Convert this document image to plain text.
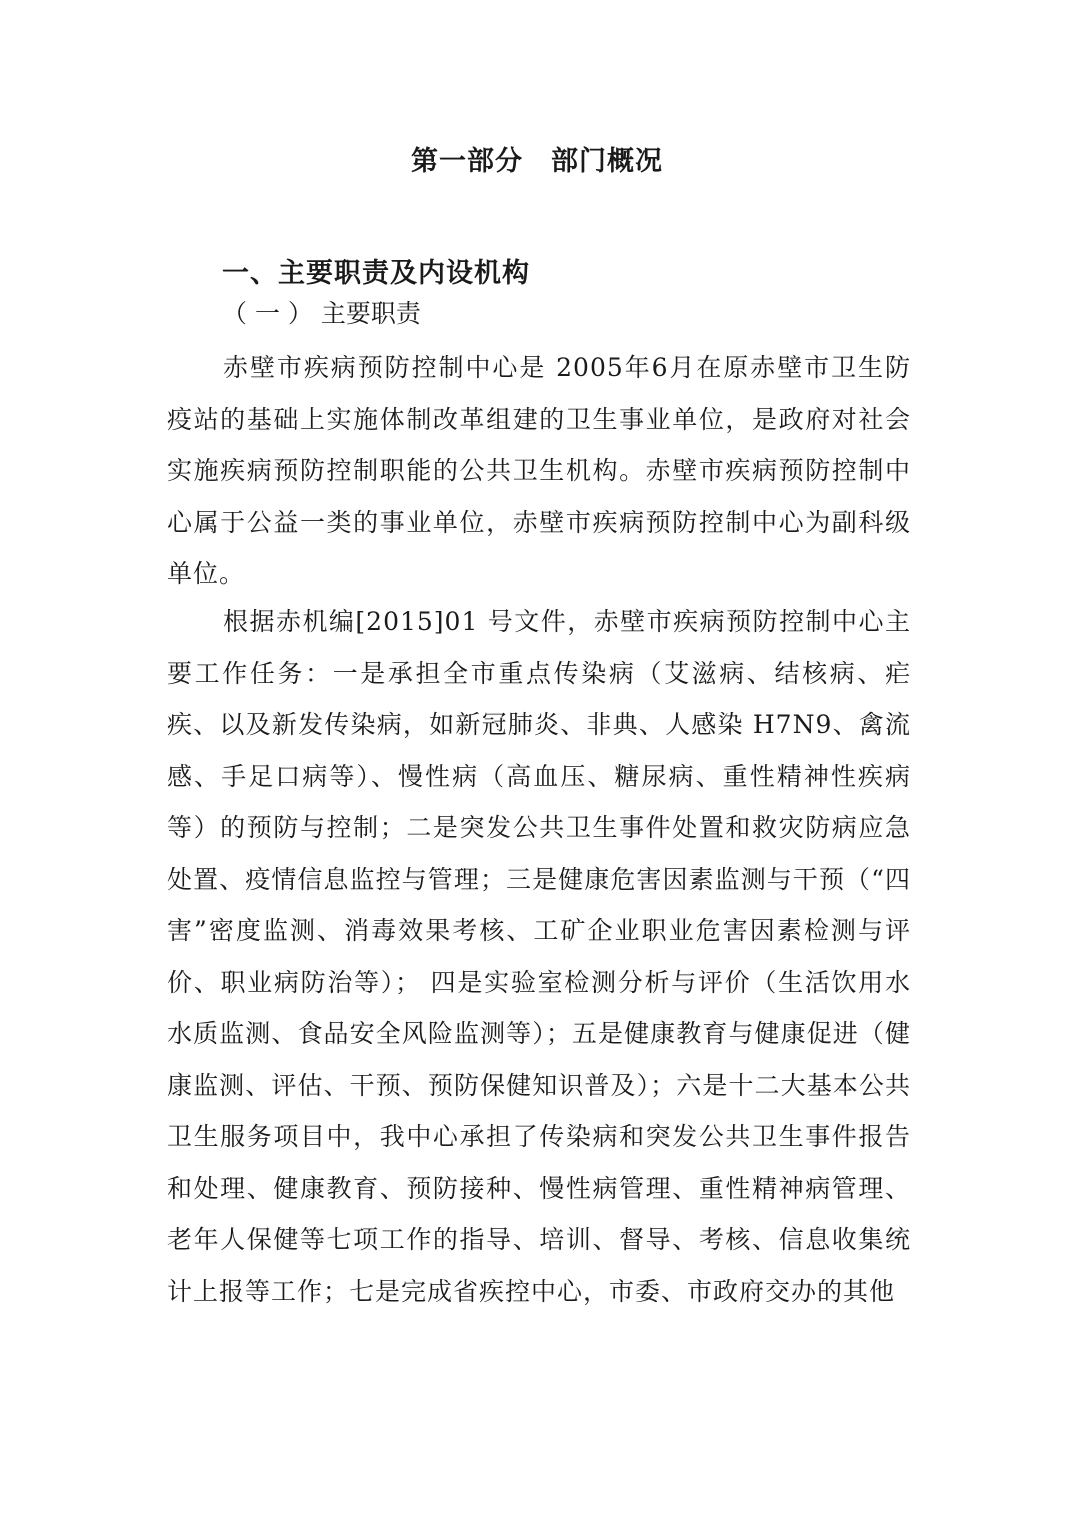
第一部分　部门概况
一、主要职责及内设机构
（ 一 ） 主要职责

赤壁市疾病预防控制中心是 2005年6月在原赤壁市卫生防疫站的基础上实施体制改革组建的卫生事业单位，是政府对社会实施疾病预防控制职能的公共卫生机构。赤壁市疾病预防控制中心属于公益一类的事业单位，赤壁市疾病预防控制中心为副科级单位。

根据赤机编[2015]01 号文件，赤壁市疾病预防控制中心主要工作任务：一是承担全市重点传染病（艾滋病、结核病、疟疾、以及新发传染病，如新冠肺炎、非典、人感染 H7N9、禽流感、手足口病等）、慢性病（高血压、糖尿病、重性精神性疾病等）的预防与控制；二是突发公共卫生事件处置和救灾防病应急处置、疫情信息监控与管理；三是健康危害因素监测与干预（“四害”密度监测、消毒效果考核、工矿企业职业危害因素检测与评价、职业病防治等）； 四是实验室检测分析与评价（生活饮用水水质监测、食品安全风险监测等）；五是健康教育与健康促进（健康监测、评估、干预、预防保健知识普及）；六是十二大基本公共卫生服务项目中，我中心承担了传染病和突发公共卫生事件报告和处理、健康教育、预防接种、慢性病管理、重性精神病管理、老年人保健等七项工作的指导、培训、督导、考核、信息收集统计上报等工作；七是完成省疾控中心，市委、市政府交办的其他
